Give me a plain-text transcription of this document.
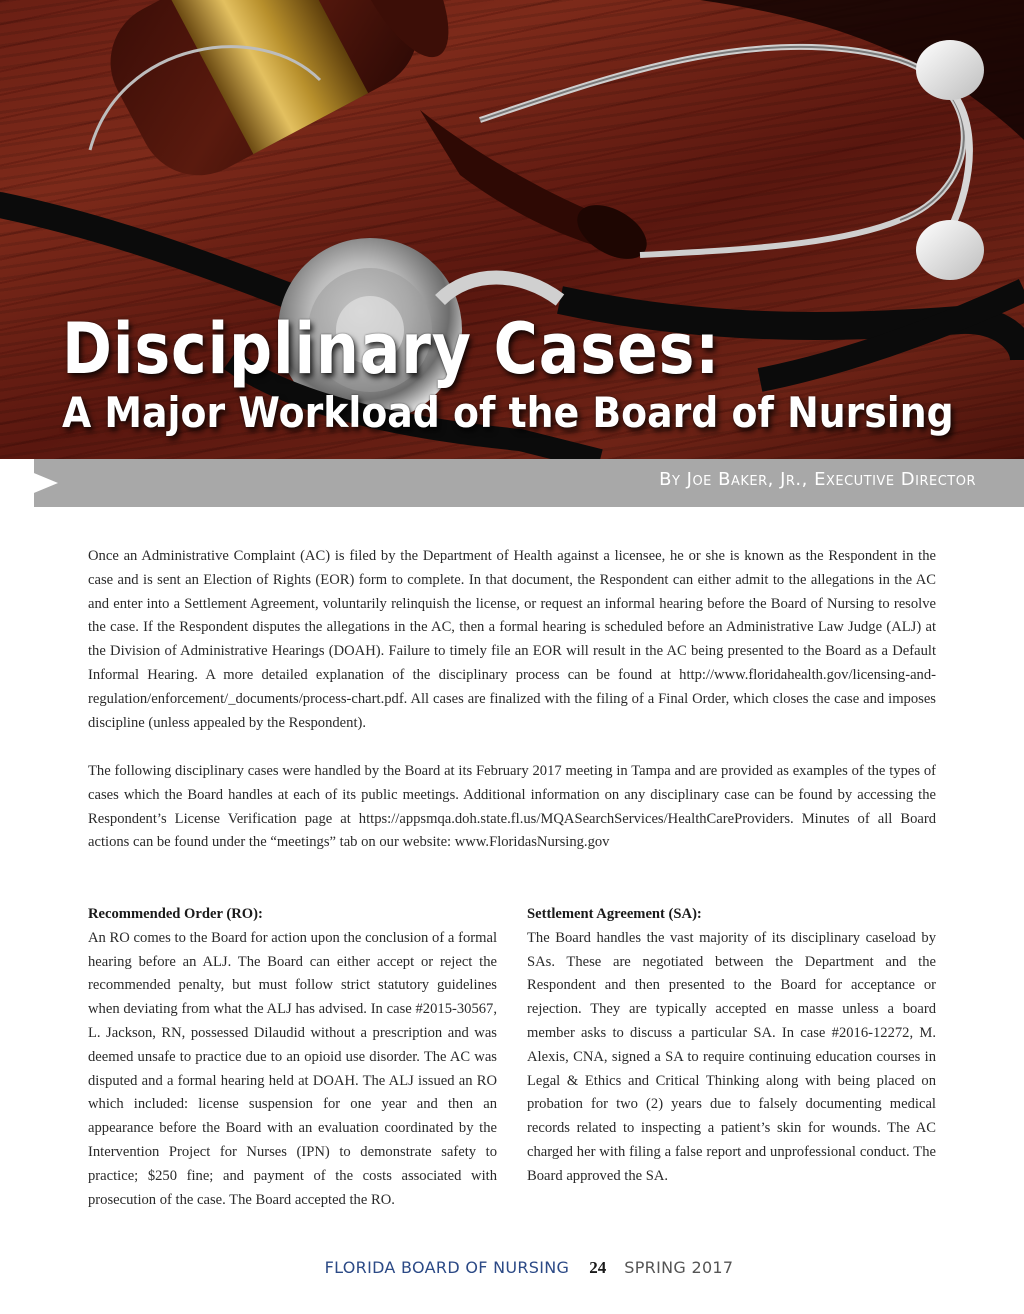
Disciplinary Cases:
A Major Workload of the Board of Nursing
By Joe Baker, Jr., Executive Director

Once an Administrative Complaint (AC) is filed by the Department of Health against a licensee, he or she is known as the Respondent in the case and is sent an Election of Rights (EOR) form to complete. In that document, the Respondent can either admit to the allegations in the AC and enter into a Settlement Agreement, voluntarily relinquish the license, or request an informal hearing before the Board of Nursing to resolve the case. If the Respondent disputes the allegations in the AC, then a formal hearing is scheduled before an Administrative Law Judge (ALJ) at the Division of Administrative Hearings (DOAH). Failure to timely file an EOR will result in the AC being presented to the Board as a Default Informal Hearing. A more detailed explanation of the disciplinary process can be found at http://www.floridahealth.gov/licensing-and-regulation/enforcement/_documents/process-chart.pdf. All cases are finalized with the filing of a Final Order, which closes the case and imposes discipline (unless appealed by the Respondent).

The following disciplinary cases were handled by the Board at its February 2017 meeting in Tampa and are provided as examples of the types of cases which the Board handles at each of its public meetings. Additional information on any disciplinary case can be found by accessing the Respondent’s License Verification page at https://appsmqa.doh.state.fl.us/MQASearchServices/HealthCareProviders. Minutes of all Board actions can be found under the “meetings” tab on our website: www.FloridasNursing.gov

Recommended Order (RO):

An RO comes to the Board for action upon the conclusion of a formal hearing before an ALJ. The Board can either accept or reject the recommended penalty, but must follow strict statutory guidelines when deviating from what the ALJ has advised. In case #2015-30567, L. Jackson, RN, possessed Dilaudid without a prescription and was deemed unsafe to practice due to an opioid use disorder. The AC was disputed and a formal hearing held at DOAH. The ALJ issued an RO which included: license suspension for one year and then an appearance before the Board with an evaluation coordinated by the Intervention Project for Nurses (IPN) to demonstrate safety to practice; $250 fine; and payment of the costs associated with prosecution of the case. The Board accepted the RO.

Settlement Agreement (SA):

The Board handles the vast majority of its disciplinary caseload by SAs. These are negotiated between the Department and the Respondent and then presented to the Board for acceptance or rejection. They are typically accepted en masse unless a board member asks to discuss a particular SA. In case #2016-12272, M. Alexis, CNA, signed a SA to require continuing education courses in Legal & Ethics and Critical Thinking along with being placed on probation for two (2) years due to falsely documenting medical records related to inspecting a patient’s skin for wounds. The AC charged her with filing a false report and unprofessional conduct. The Board approved the SA.

FLORIDA BOARD OF NURSING 24 SPRING 2017
